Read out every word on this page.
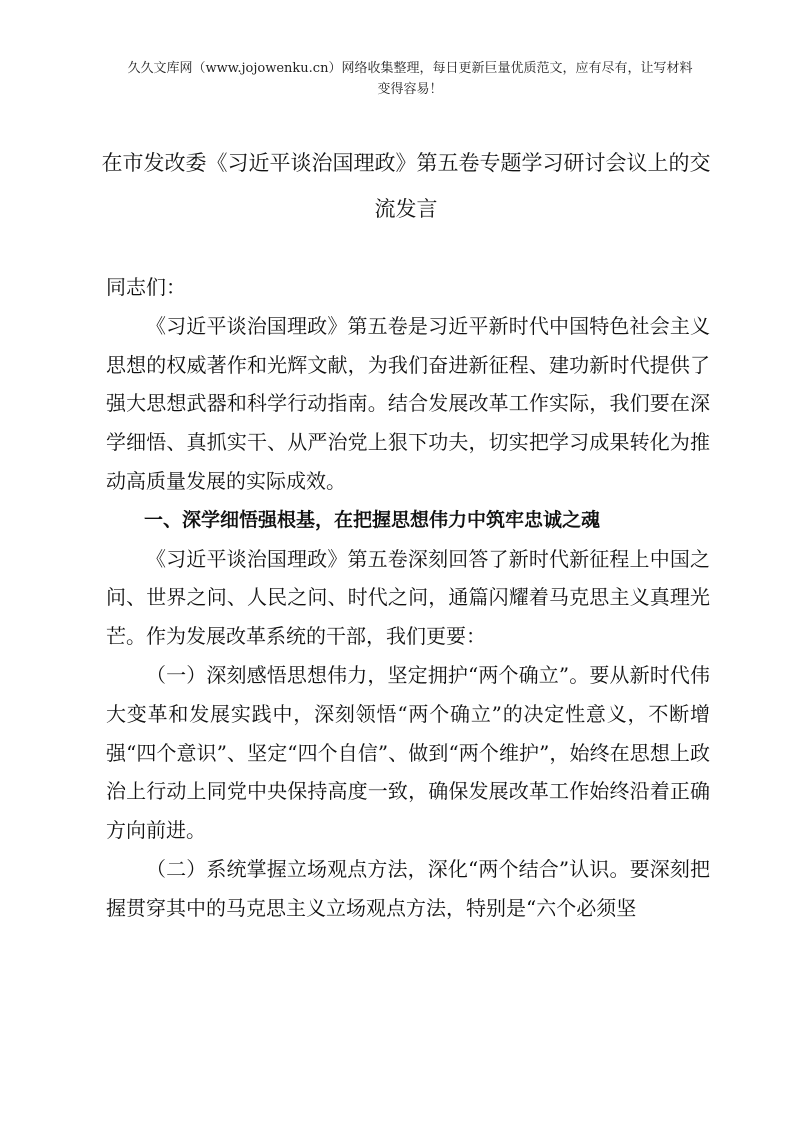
久久文库网（www.jojowenku.cn）网络收集整理，每日更新巨量优质范文，应有尽有，让写材料
变得容易！
在市发改委《习近平谈治国理政》第五卷专题学习研讨会议上的交
流发言

同志们：

《习近平谈治国理政》第五卷是习近平新时代中国特色社会主义思想的权威著作和光辉文献，为我们奋进新征程、建功新时代提供了强大思想武器和科学行动指南。结合发展改革工作实际，我们要在深学细悟、真抓实干、从严治党上狠下功夫，切实把学习成果转化为推动高质量发展的实际成效。

一、深学细悟强根基，在把握思想伟力中筑牢忠诚之魂

《习近平谈治国理政》第五卷深刻回答了新时代新征程上中国之问、世界之问、人民之问、时代之问，通篇闪耀着马克思主义真理光芒。作为发展改革系统的干部，我们更要：

（一）深刻感悟思想伟力，坚定拥护“两个确立”。要从新时代伟大变革和发展实践中，深刻领悟“两个确立”的决定性意义，不断增强“四个意识”、坚定“四个自信”、做到“两个维护”，始终在思想上政治上行动上同党中央保持高度一致，确保发展改革工作始终沿着正确方向前进。

（二）系统掌握立场观点方法，深化“两个结合”认识。要深刻把握贯穿其中的马克思主义立场观点方法，特别是“六个必须坚
